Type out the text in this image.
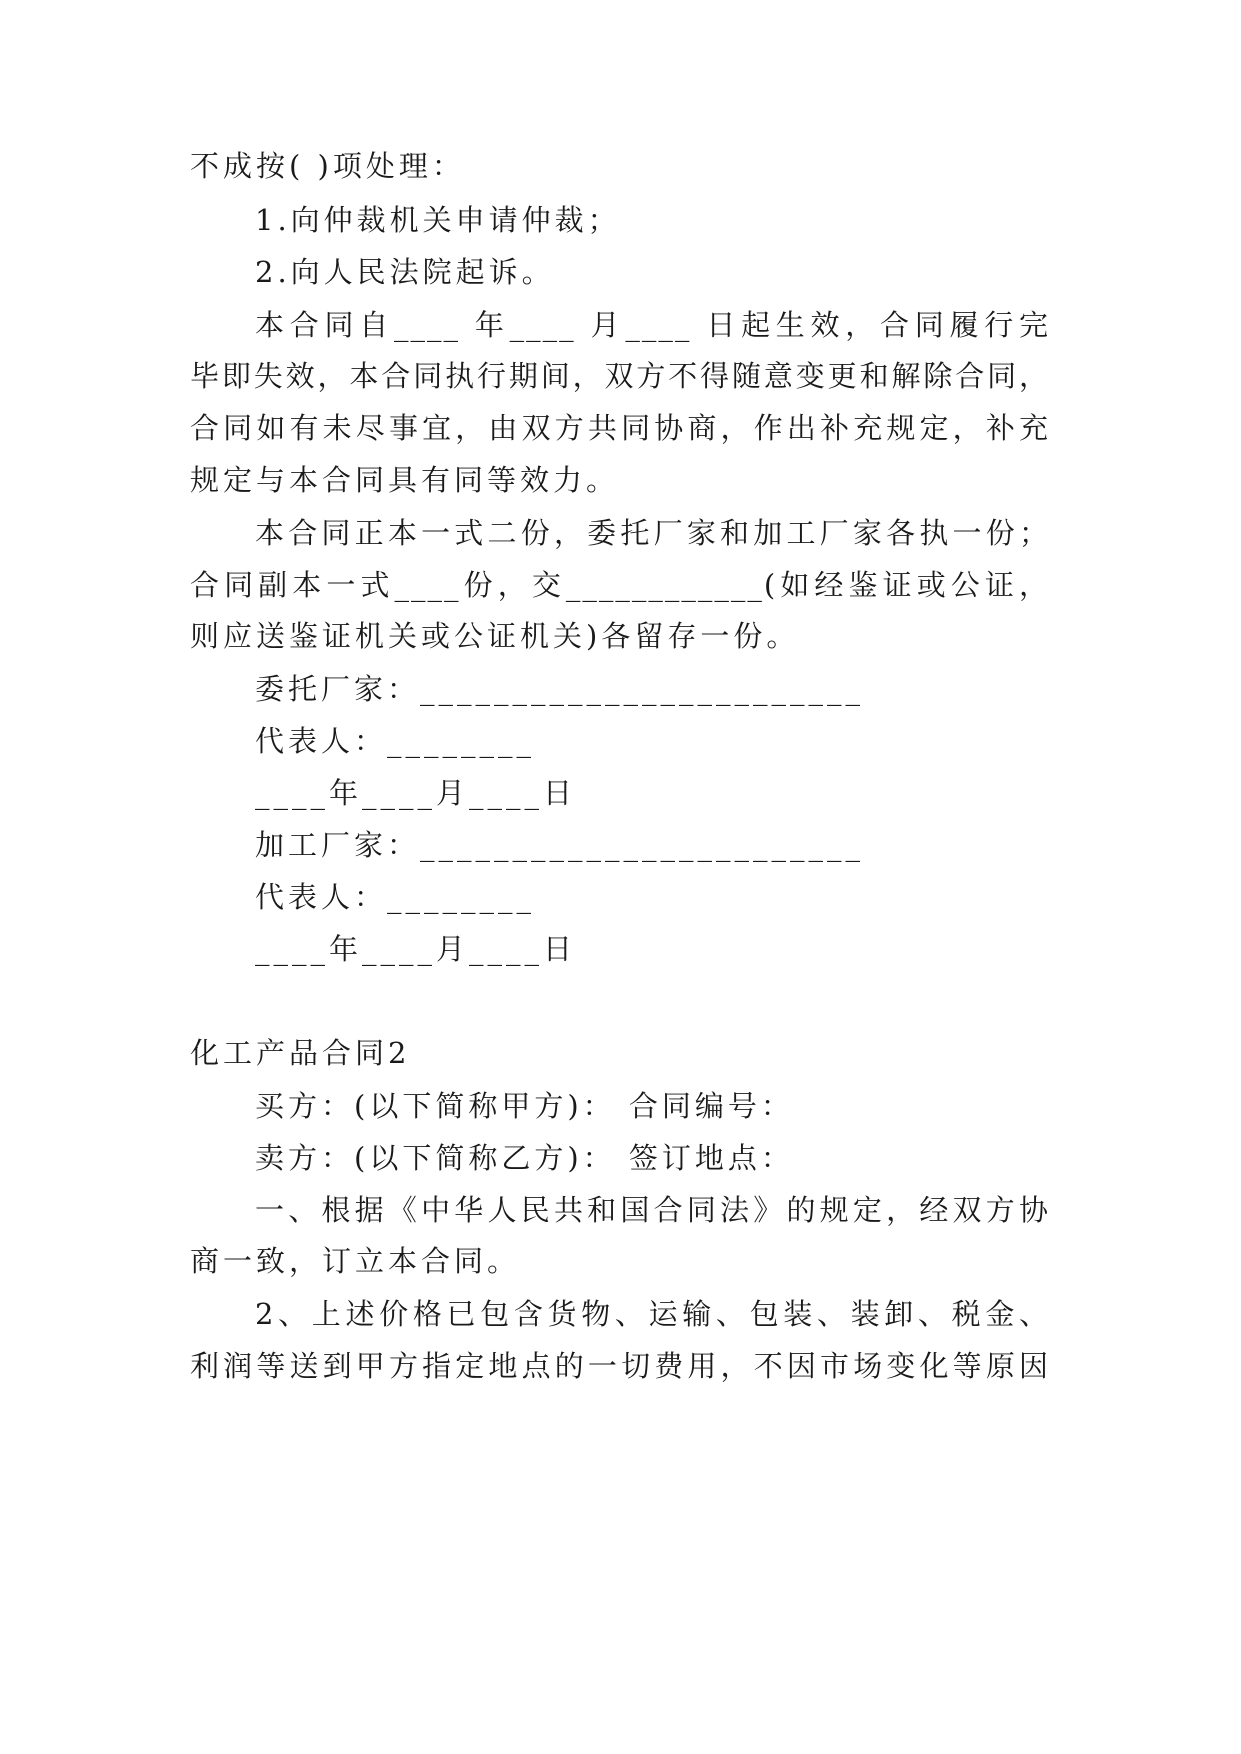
不成按( )项处理：
1.向仲裁机关申请仲裁；
2.向人民法院起诉。
本合同自____ 年____ 月____ 日起生效，合同履行完
毕即失效，本合同执行期间，双方不得随意变更和解除合同，
合同如有未尽事宜，由双方共同协商，作出补充规定，补充
规定与本合同具有同等效力。
本合同正本一式二份，委托厂家和加工厂家各执一份；
合同副本一式____份，交____________(如经鉴证或公证，
则应送鉴证机关或公证机关)各留存一份。
委托厂家：________________________
代表人：________
____年____月____日
加工厂家：________________________
代表人：________
____年____月____日
化工产品合同2
买方：(以下简称甲方)： 合同编号：
卖方：(以下简称乙方)： 签订地点：
一、根据《中华人民共和国合同法》的规定，经双方协
商一致，订立本合同。
2、上述价格已包含货物、运输、包装、装卸、税金、
利润等送到甲方指定地点的一切费用，不因市场变化等原因
